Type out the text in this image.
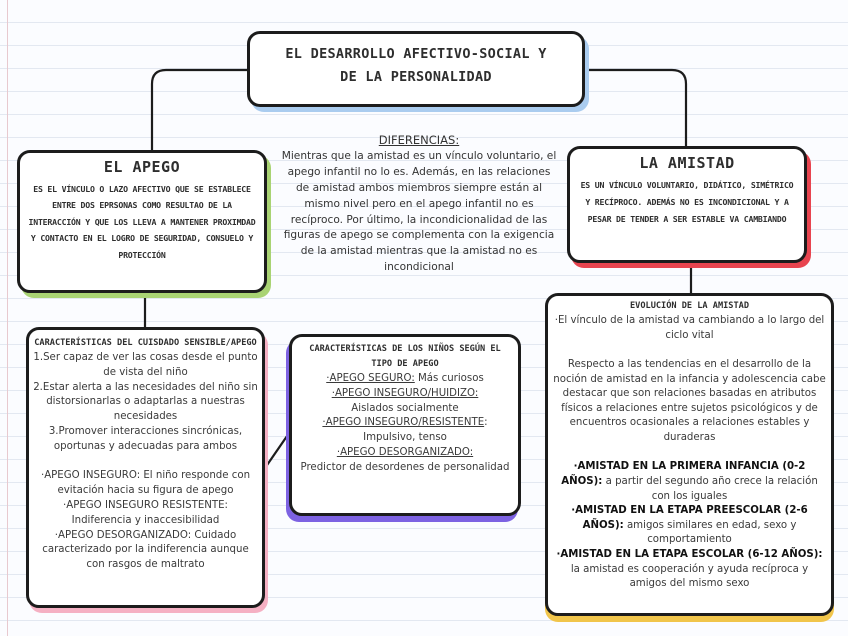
EL DESARROLLO AFECTIVO-SOCIAL Y
DE LA PERSONALIDAD
EL APEGO
ES EL VÍNCULO O LAZO AFECTIVO QUE SE ESTABLECE ENTRE DOS EPRSONAS COMO RESULTAO DE LA INTERACCIÓN Y QUE LOS LLEVA A MANTENER PROXIMDAD Y CONTACTO EN EL LOGRO DE SEGURIDAD, CONSUELO Y PROTECCIÓN
DIFERENCIAS:
Mientras que la amistad es un vínculo voluntario, el apego infantil no lo es. Además, en las relaciones de amistad ambos miembros siempre están al mismo nivel pero en el apego infantil no es recíproco. Por último, la incondicionalidad de las figuras de apego se complementa con la exigencia de la amistad mientras que la amistad no es incondicional
LA AMISTAD
ES UN VÍNCULO VOLUNTARIO, DIDÁTICO, SIMÉTRICO Y RECÍPROCO. ADEMÁS NO ES INCONDICIONAL Y A PESAR DE TENDER A SER ESTABLE VA CAMBIANDO
CARACTERÍSTICAS DEL CUISDADO SENSIBLE/APEGO
1.Ser capaz de ver las cosas desde el punto de vista del niño
2.Estar alerta a las necesidades del niño sin distorsionarlas o adaptarlas a nuestras necesidades
3.Promover interacciones sincrónicas, oportunas y adecuadas para ambos
·APEGO INSEGURO: El niño responde con evitación hacia su figura de apego
·APEGO INSEGURO RESISTENTE: Indiferencia y inaccesibilidad
·APEGO DESORGANIZADO: Cuidado caracterizado por la indiferencia aunque con rasgos de maltrato
CARACTERÍSTICAS DE LOS NIÑOS SEGÚN EL TIPO DE APEGO
·APEGO SEGURO: Más curiosos
·APEGO INSEGURO/HUIDIZO:
Aislados socialmente
·APEGO INSEGURO/RESISTENTE:
Impulsivo, tenso
·APEGO DESORGANIZADO:
Predictor de desordenes de personalidad
EVOLUCIÓN DE LA AMISTAD
·El vínculo de la amistad va cambiando a lo largo del ciclo vital
Respecto a las tendencias en el desarrollo de la noción de amistad en la infancia y adolescencia cabe destacar que son relaciones basadas en atributos físicos a relaciones entre sujetos psicológicos y de encuentros ocasionales a relaciones estables y duraderas
·AMISTAD EN LA PRIMERA INFANCIA (0-2 AÑOS): a partir del segundo año crece la relación con los iguales
·AMISTAD EN LA ETAPA PREESCOLAR (2-6 AÑOS): amigos similares en edad, sexo y comportamiento
·AMISTAD EN LA ETAPA ESCOLAR (6-12 AÑOS): la amistad es cooperación y ayuda recíproca y amigos del mismo sexo
